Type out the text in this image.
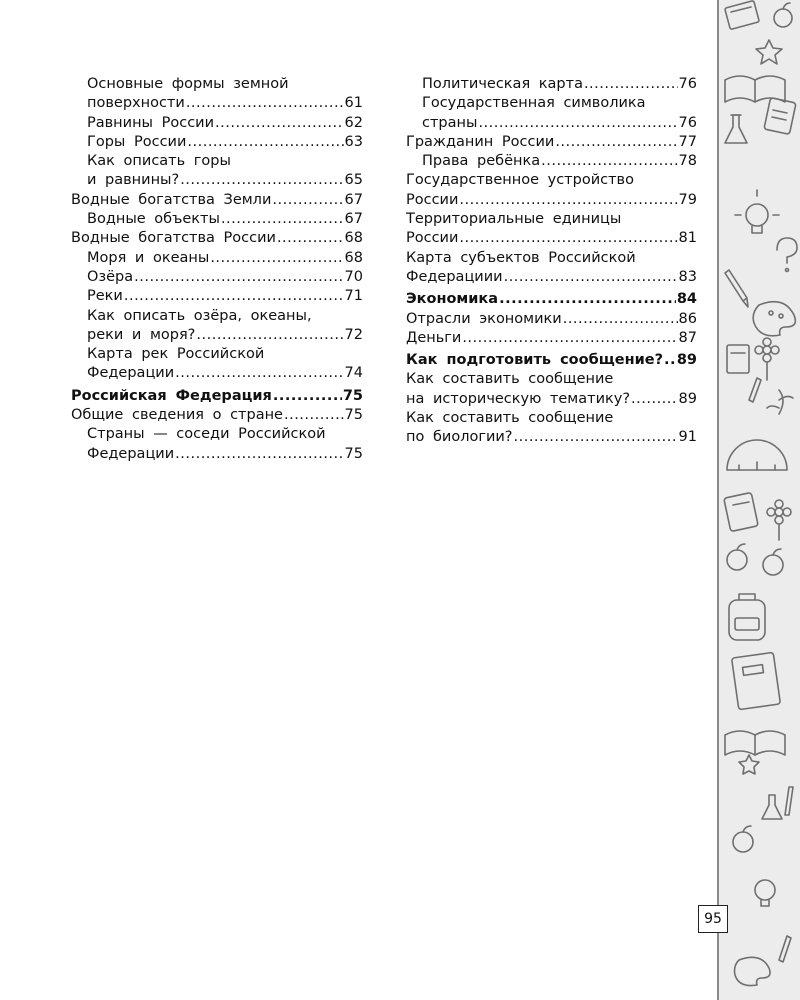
Основные формы земной
поверхности .....	61
Равнины России .....	62
Горы России .....	63
Как описать горы
и равнины? .....	65
Водные богатства Земли .....	67
Водные объекты .....	67
Водные богатства России .....	68
Моря и океаны .....	68
Озёра .....	70
Реки .....	71
Как описать озёра, океаны,
реки и моря? .....	72
Карта рек Российской
Федерации .....	74
Российская Федерация .....	75
Общие сведения о стране .....	75
Страны — соседи Российской
Федерации .....	75
Политическая карта .....	76
Государственная символика
страны .....	76
Гражданин России .....	77
Права ребёнка .....	78
Государственное устройство
России .....	79
Территориальные единицы
России .....	81
Карта субъектов Российской
Федерациии .....	83
Экономика .....	84
Отрасли экономики .....	86
Деньги .....	87
Как подготовить сообщение? ..... 89
Как составить сообщение
на историческую тематику? .....	89
Как составить сообщение
по биологии? .....	91
95
